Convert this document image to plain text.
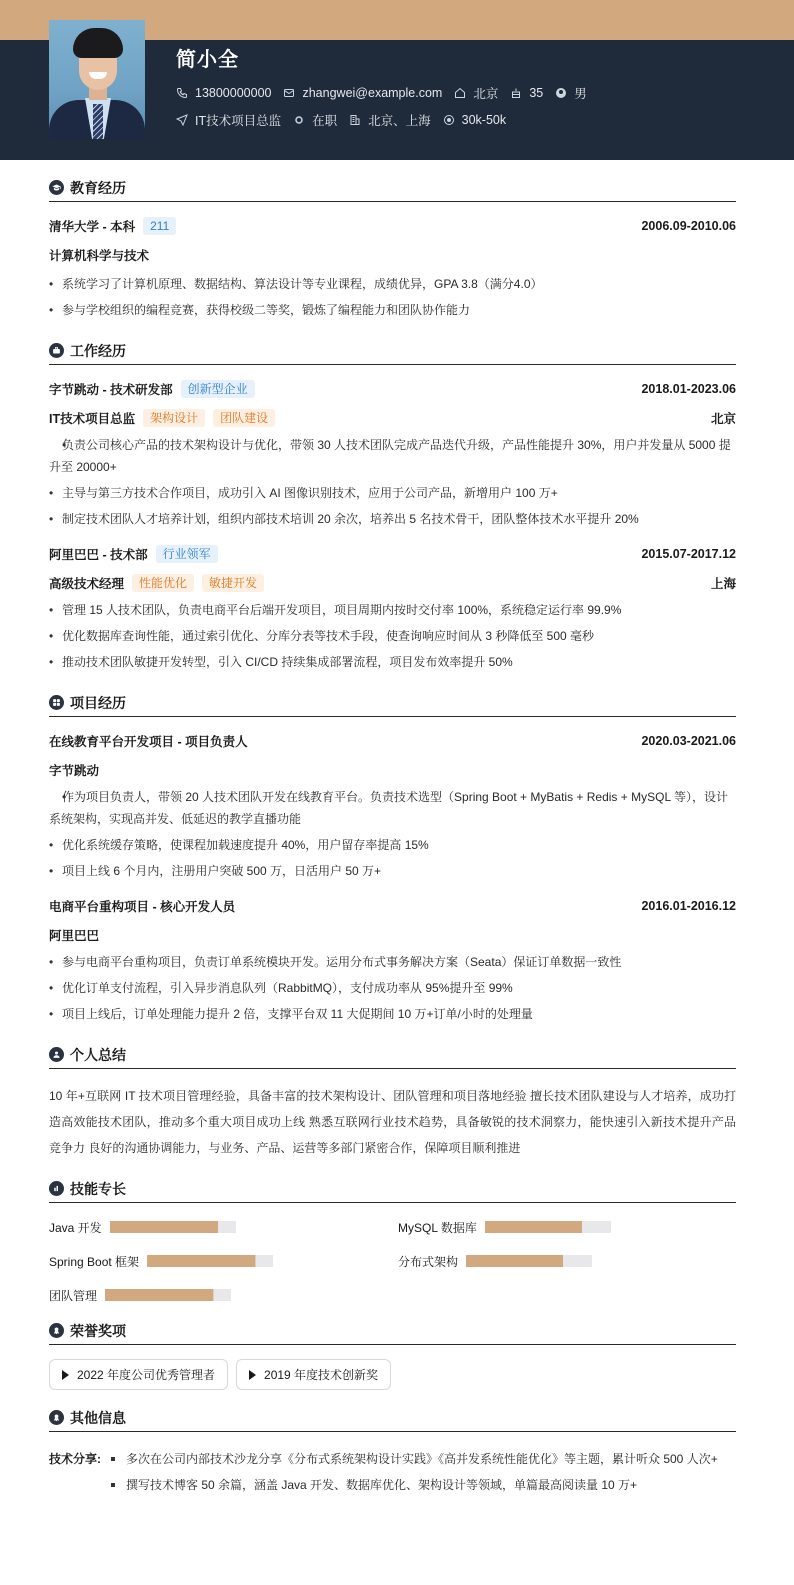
简小全
13800000000 zhangwei@example.com 北京 35 男
IT技术项目总监 在职 北京、上海 30k-50k
教育经历
清华大学 - 本科	211	2006.09-2010.06
计算机科学与技术
• 系统学习了计算机原理、数据结构、算法设计等专业课程，成绩优异，GPA 3.8（满分4.0）
• 参与学校组织的编程竞赛，获得校级二等奖，锻炼了编程能力和团队协作能力
工作经历
字节跳动 - 技术研发部	创新型企业	2018.01-2023.06
IT技术项目总监	架构设计	团队建设	北京
• 负责公司核心产品的技术架构设计与优化，带领 30 人技术团队完成产品迭代升级，产品性能提升 30%，用户并发量从 5000 提升至 20000+
• 主导与第三方技术合作项目，成功引入 AI 图像识别技术，应用于公司产品，新增用户 100 万+
• 制定技术团队人才培养计划，组织内部技术培训 20 余次，培养出 5 名技术骨干，团队整体技术水平提升 20%
阿里巴巴 - 技术部	行业领军	2015.07-2017.12
高级技术经理	性能优化	敏捷开发	上海
• 管理 15 人技术团队，负责电商平台后端开发项目，项目周期内按时交付率 100%，系统稳定运行率 99.9%
• 优化数据库查询性能，通过索引优化、分库分表等技术手段，使查询响应时间从 3 秒降低至 500 毫秒
• 推动技术团队敏捷开发转型，引入 CI/CD 持续集成部署流程，项目发布效率提升 50%
项目经历
在线教育平台开发项目 - 项目负责人	2020.03-2021.06
字节跳动
• 作为项目负责人，带领 20 人技术团队开发在线教育平台。负责技术选型（Spring Boot + MyBatis + Redis + MySQL 等），设计系统架构，实现高并发、低延迟的教学直播功能
• 优化系统缓存策略，使课程加载速度提升 40%，用户留存率提高 15%
• 项目上线 6 个月内，注册用户突破 500 万，日活用户 50 万+
电商平台重构项目 - 核心开发人员	2016.01-2016.12
阿里巴巴
• 参与电商平台重构项目，负责订单系统模块开发。运用分布式事务解决方案（Seata）保证订单数据一致性
• 优化订单支付流程，引入异步消息队列（RabbitMQ），支付成功率从 95%提升至 99%
• 项目上线后，订单处理能力提升 2 倍，支撑平台双 11 大促期间 10 万+订单/小时的处理量
个人总结

10 年+互联网 IT 技术项目管理经验，具备丰富的技术架构设计、团队管理和项目落地经验 擅长技术团队建设与人才培养，成功打造高效能技术团队，推动多个重大项目成功上线 熟悉互联网行业技术趋势，具备敏锐的技术洞察力，能快速引入新技术提升产品竞争力 良好的沟通协调能力，与业务、产品、运营等多部门紧密合作，保障项目顺利推进

技能专长
Java 开发	MySQL 数据库
Spring Boot 框架	分布式架构
团队管理
荣誉奖项
2022 年度公司优秀管理者	2019 年度技术创新奖
其他信息
技术分享:	多次在公司内部技术沙龙分享《分布式系统架构设计实践》《高并发系统性能优化》等主题，累计听众 500 人次+
撰写技术博客 50 余篇，涵盖 Java 开发、数据库优化、架构设计等领域，单篇最高阅读量 10 万+
